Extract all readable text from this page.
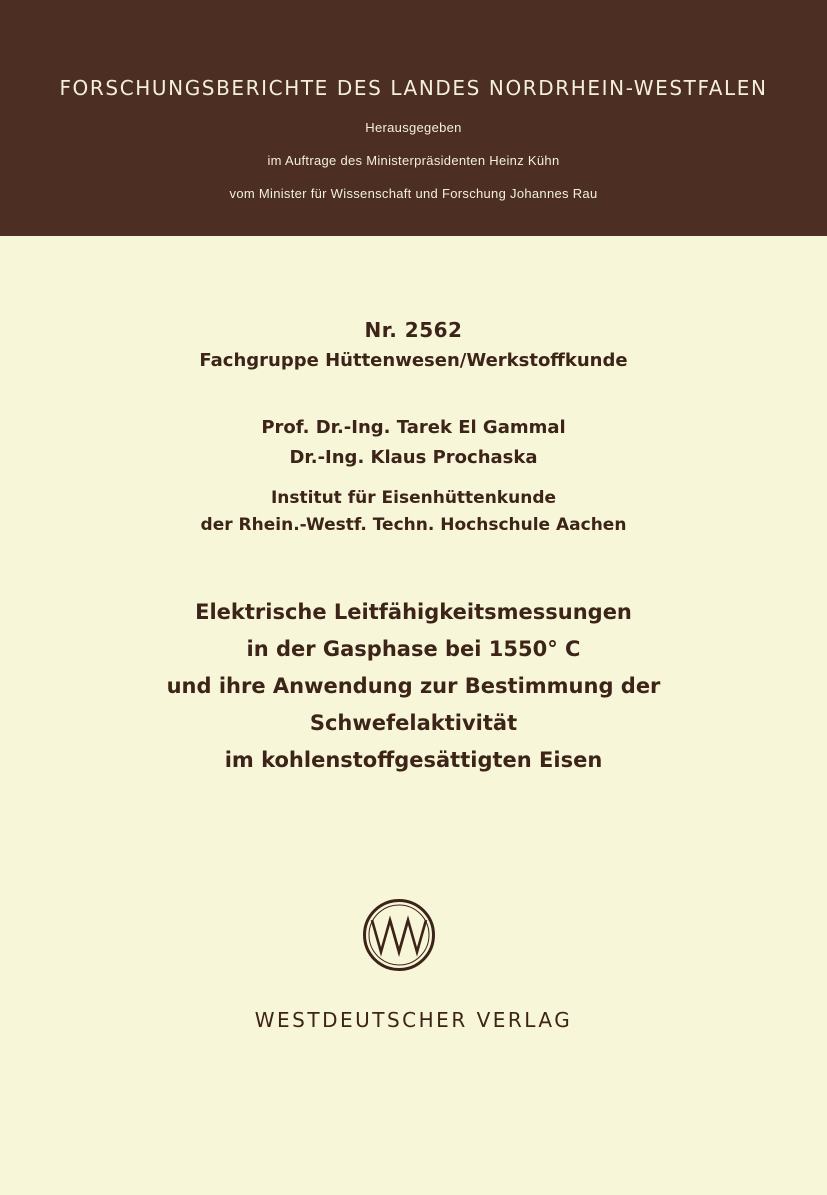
FORSCHUNGSBERICHTE DES LANDES NORDRHEIN-WESTFALEN
Herausgegeben
im Auftrage des Ministerpräsidenten Heinz Kühn
vom Minister für Wissenschaft und Forschung Johannes Rau
Nr. 2562
Fachgruppe Hüttenwesen/Werkstoffkunde
Prof. Dr.-Ing. Tarek El Gammal
Dr.-Ing. Klaus Prochaska
Institut für Eisenhüttenkunde
der Rhein.-Westf. Techn. Hochschule Aachen
Elektrische Leitfähigkeitsmessungen
in der Gasphase bei 1550° C
und ihre Anwendung zur Bestimmung der
Schwefelaktivität
im kohlenstoffgesättigten Eisen
WESTDEUTSCHER VERLAG
